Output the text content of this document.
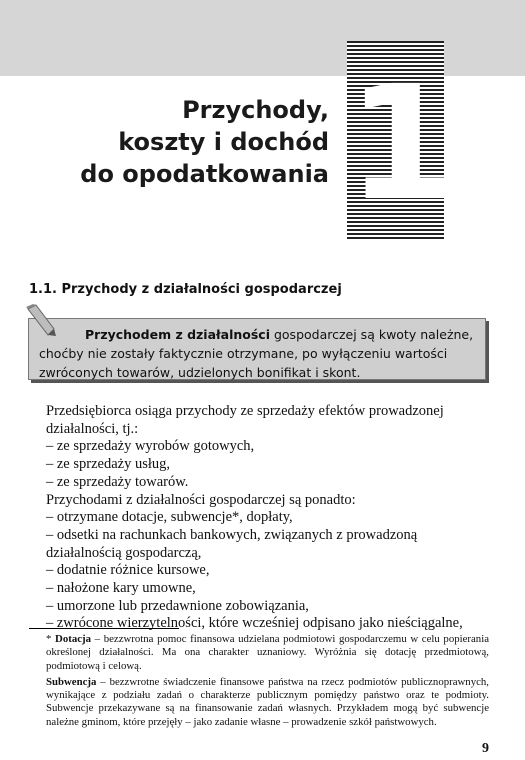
1
Przychody,
koszty i dochód
do opodatkowania
1.1. Przychody z działalności gospodarczej

Przychodem z działalności gospodarczej są kwoty należne, choćby nie zostały faktycznie otrzymane, po wyłączeniu wartości zwróconych towarów, udzielonych bonifikat i skont.

Przedsiębiorca osiąga przychody ze sprzedaży efektów prowadzonej działalności, tj.:

– ze sprzedaży wyrobów gotowych,

– ze sprzedaży usług,

– ze sprzedaży towarów.

Przychodami z działalności gospodarczej są ponadto:

– otrzymane dotacje, subwencje*, dopłaty,

– odsetki na rachunkach bankowych, związanych z prowadzoną działalnością gospodarczą,

– dodatnie różnice kursowe,

– nałożone kary umowne,

– umorzone lub przedawnione zobowiązania,

– zwrócone wierzytelności, które wcześniej odpisano jako nieściągalne,

* Dotacja – bezzwrotna pomoc finansowa udzielana podmiotowi gospodarczemu w celu popierania określonej działalności. Ma ona charakter uznaniowy. Wyróżnia się dotację przedmiotową, podmiotową i celową.

Subwencja – bezzwrotne świadczenie finansowe państwa na rzecz podmiotów publicznoprawnych, wynikające z podziału zadań o charakterze publicznym pomiędzy państwo oraz te podmioty. Subwencje przekazywane są na finansowanie zadań własnych. Przykładem mogą być subwencje należne gminom, które przejęły – jako zadanie własne – prowadzenie szkół państwowych.

9
